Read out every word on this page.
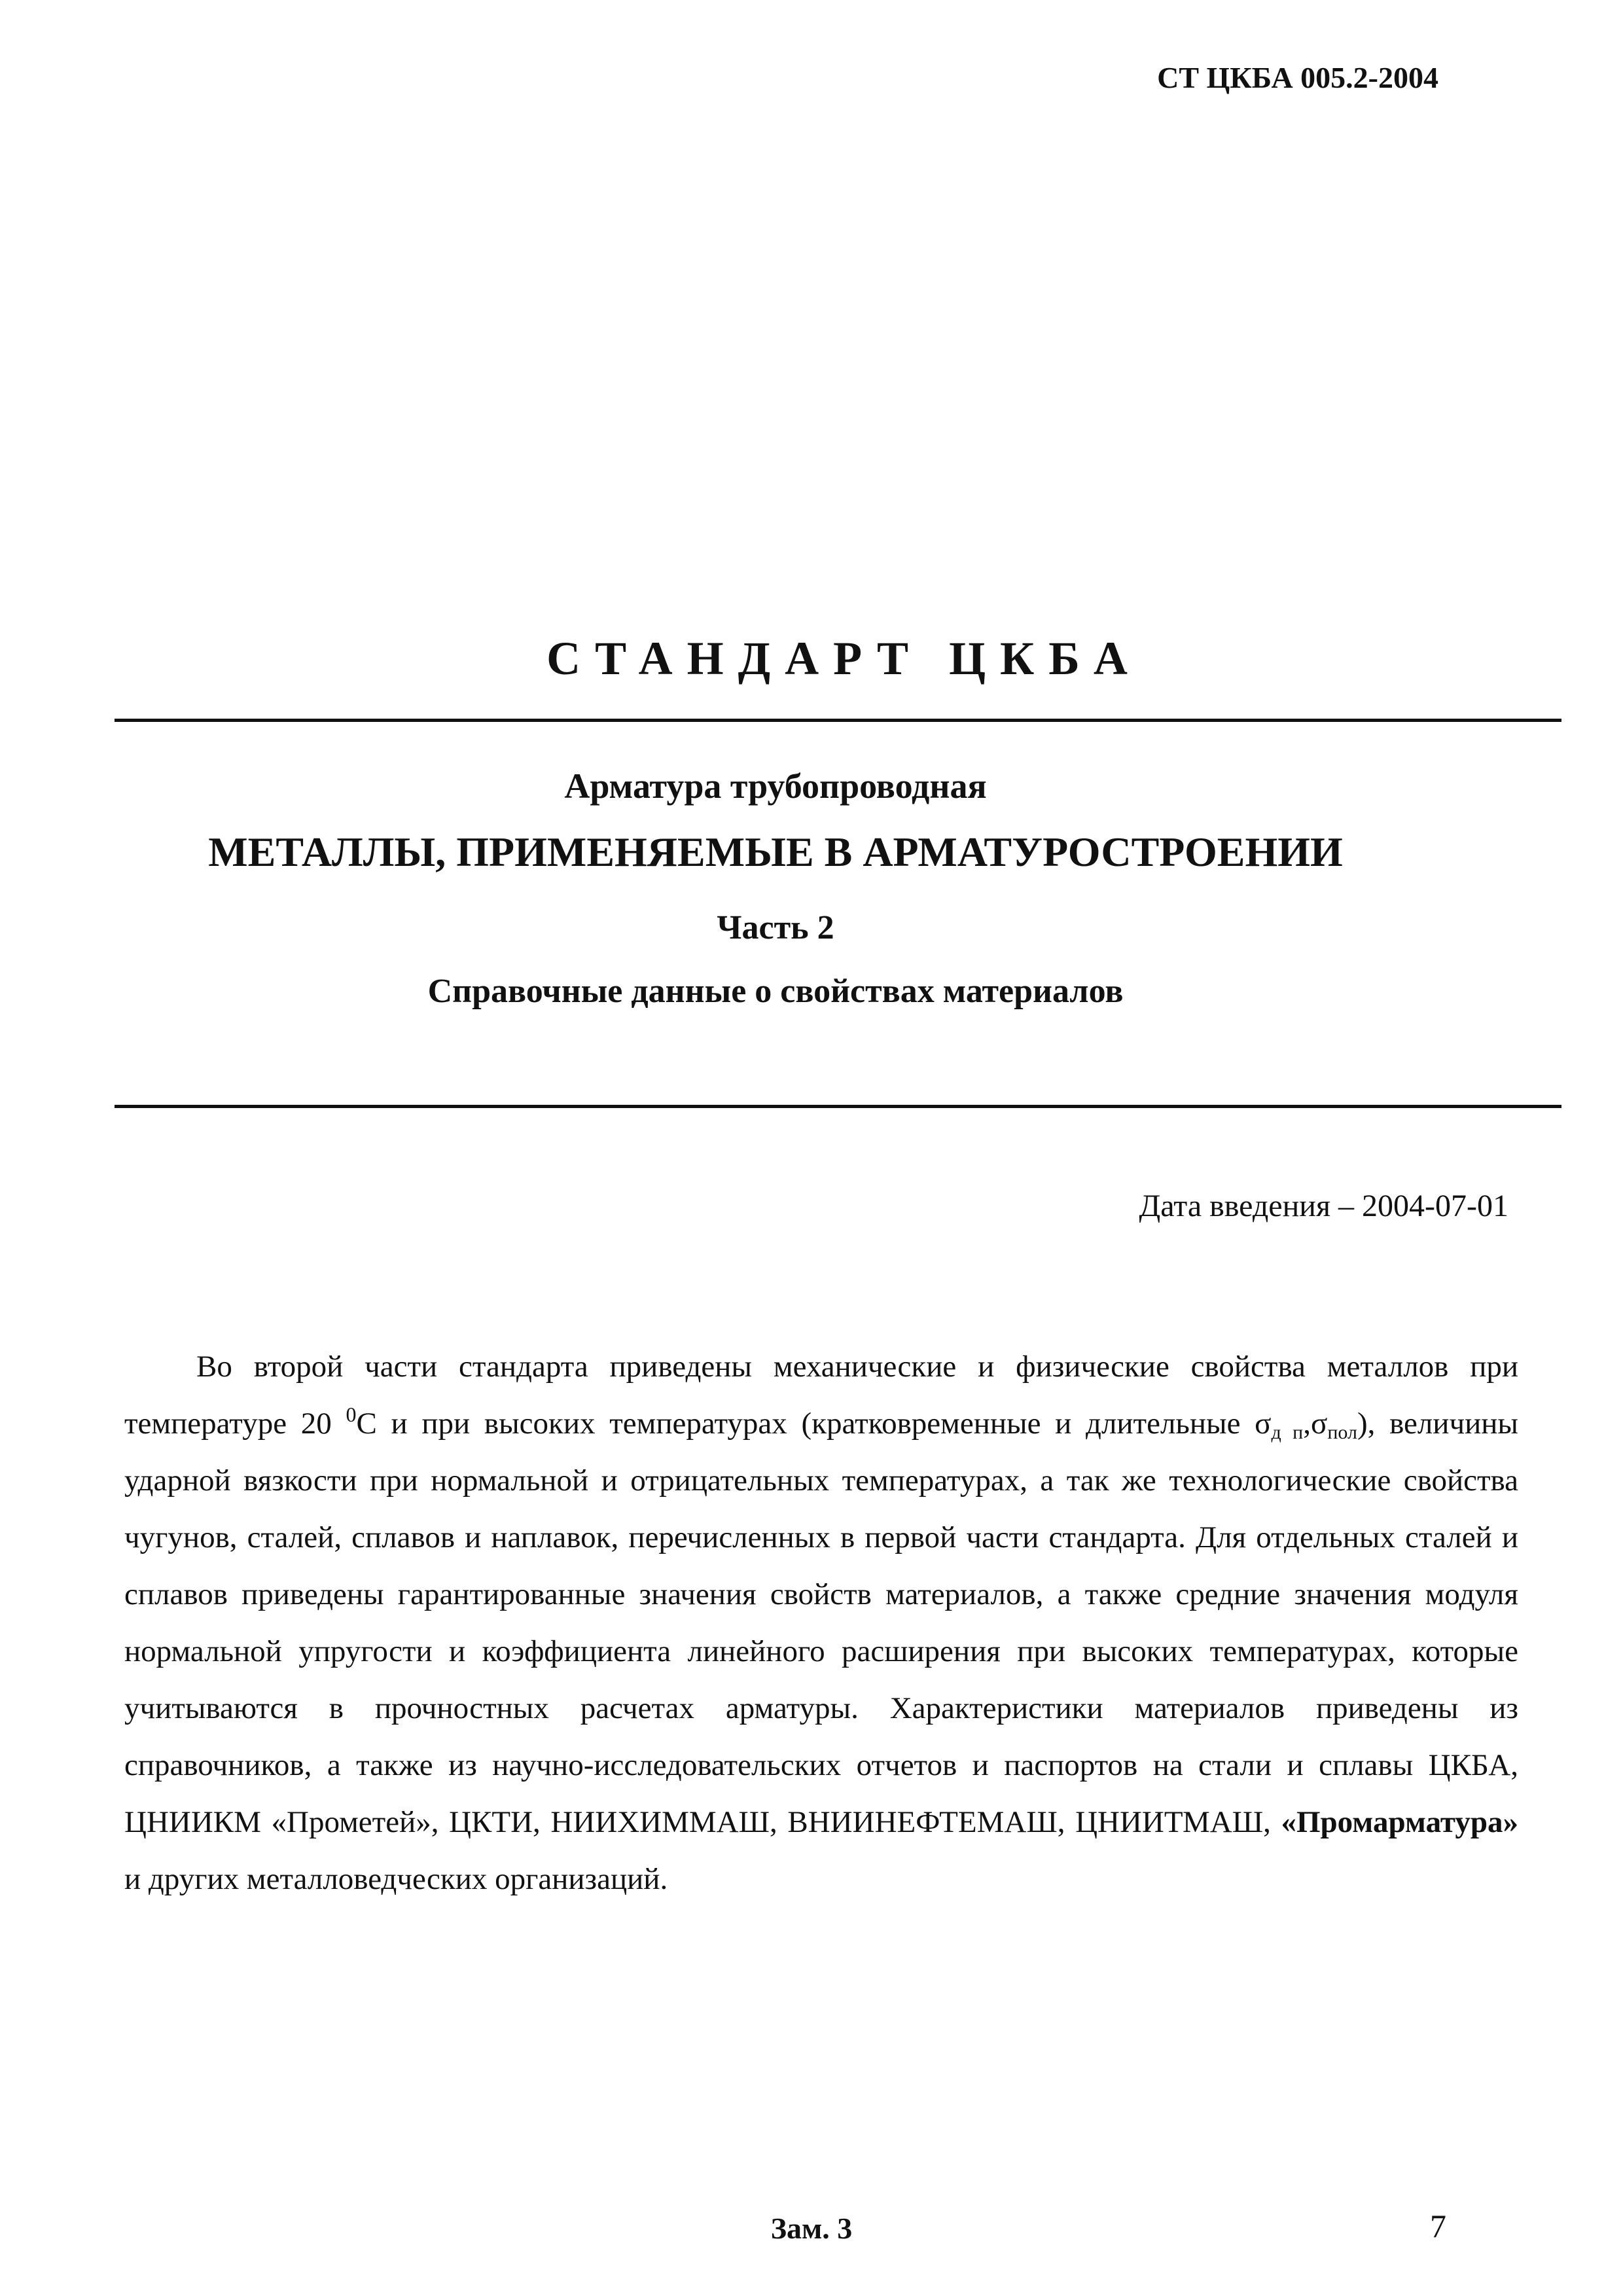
СТ ЦКБА 005.2-2004
СТАНДАРТ ЦКБА
Арматура трубопроводная
МЕТАЛЛЫ, ПРИМЕНЯЕМЫЕ В АРМАТУРОСТРОЕНИИ
Часть 2
Справочные данные о свойствах материалов
Дата введения – 2004-07-01

Во второй части стандарта приведены механические и физические свойства металлов при температуре 20 $^0$С и при высоких температурах (кратковременные и длительные $\sigma_{д п},\sigma_{пол}$), величины ударной вязкости при нормальной и отрицательных температурах, а так же технологические свойства чугунов, сталей, сплавов и наплавок, перечисленных в первой части стандарта. Для отдельных сталей и сплавов приведены гарантированные значения свойств материалов, а также средние значения модуля нормальной упругости и коэффициента линейного расширения при высоких температурах, которые учитываются в прочностных расчетах арматуры. Характеристики материалов приведены из справочников, а также из научно-исследовательских отчетов и паспортов на стали и сплавы ЦКБА, ЦНИИКМ «Прометей», ЦКТИ, НИИХИММАШ, ВНИИНЕФТЕМАШ, ЦНИИТМАШ, «Промарматура» и других металловедческих организаций.

Зам. 3	7
